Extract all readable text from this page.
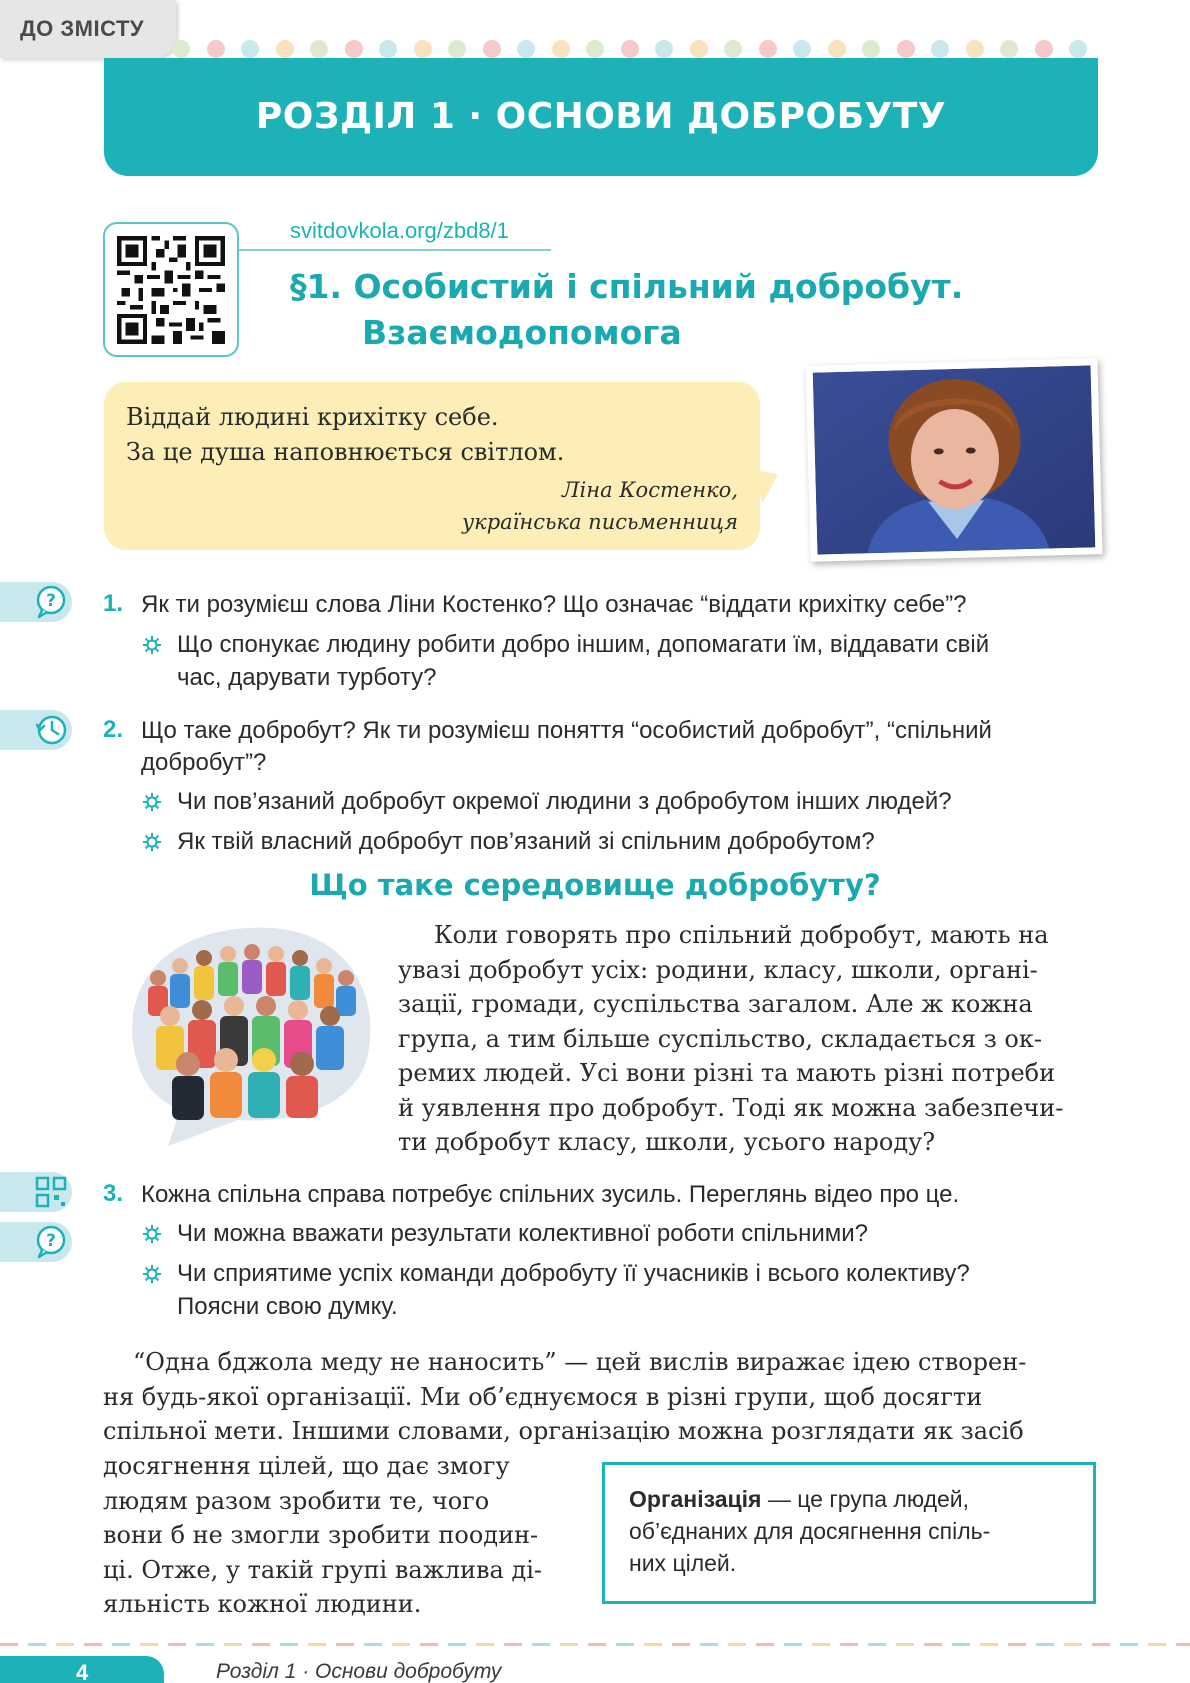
ДО ЗМІСТУ
РОЗДІЛ 1 · ОСНОВИ ДОБРОБУТУ
svitdovkola.org/zbd8/1
§1. Особистий і спільний добробут.
Взаємодопомога
Віддай людині крихітку себе.
За це душа наповнюється світлом.
Ліна Костенко,
українська письменниця
?
?
1. Як ти розумієш слова Ліни Костенко? Що означає “віддати крихітку себе”?
Що спонукає людину робити добро іншим, допомагати їм, віддавати свій
час, дарувати турботу?
2. Що таке добробут? Як ти розумієш поняття “особистий добробут”, “спільний
добробут”?
Чи пов’язаний добробут окремої людини з добробутом інших людей?
Як твій власний добробут пов’язаний зі спільним добробутом?
Що таке середовище добробуту?
Коли говорять про спільний добробут, мають на
увазі добробут усіх: родини, класу, школи, органі-
зації, громади, суспільства загалом. Але ж кожна
група, а тим більше суспільство, складається з ок-
ремих людей. Усі вони різні та мають різні потреби
й уявлення про добробут. Тоді як можна забезпечи-
ти добробут класу, школи, усього народу?
3. Кожна спільна справа потребує спільних зусиль. Переглянь відео про це.
Чи можна вважати результати колективної роботи спільними?
Чи сприятиме успіх команди добробуту її учасників і всього колективу?
Поясни свою думку.
“Одна бджола меду не наносить” — цей вислів виражає ідею створен-
ня будь-якої організації. Ми об’єднуємося в різні групи, щоб досягти
спільної мети. Іншими словами, організацію можна розглядати як засіб
досягнення цілей, що дає змогу
людям разом зробити те, чого
вони б не змогли зробити поодин-
ці. Отже, у такій групі важлива ді-
яльність кожної людини.
Організація — це група людей,
об’єднаних для досягнення спіль-
них цілей.
4	Розділ 1 · Основи добробуту
